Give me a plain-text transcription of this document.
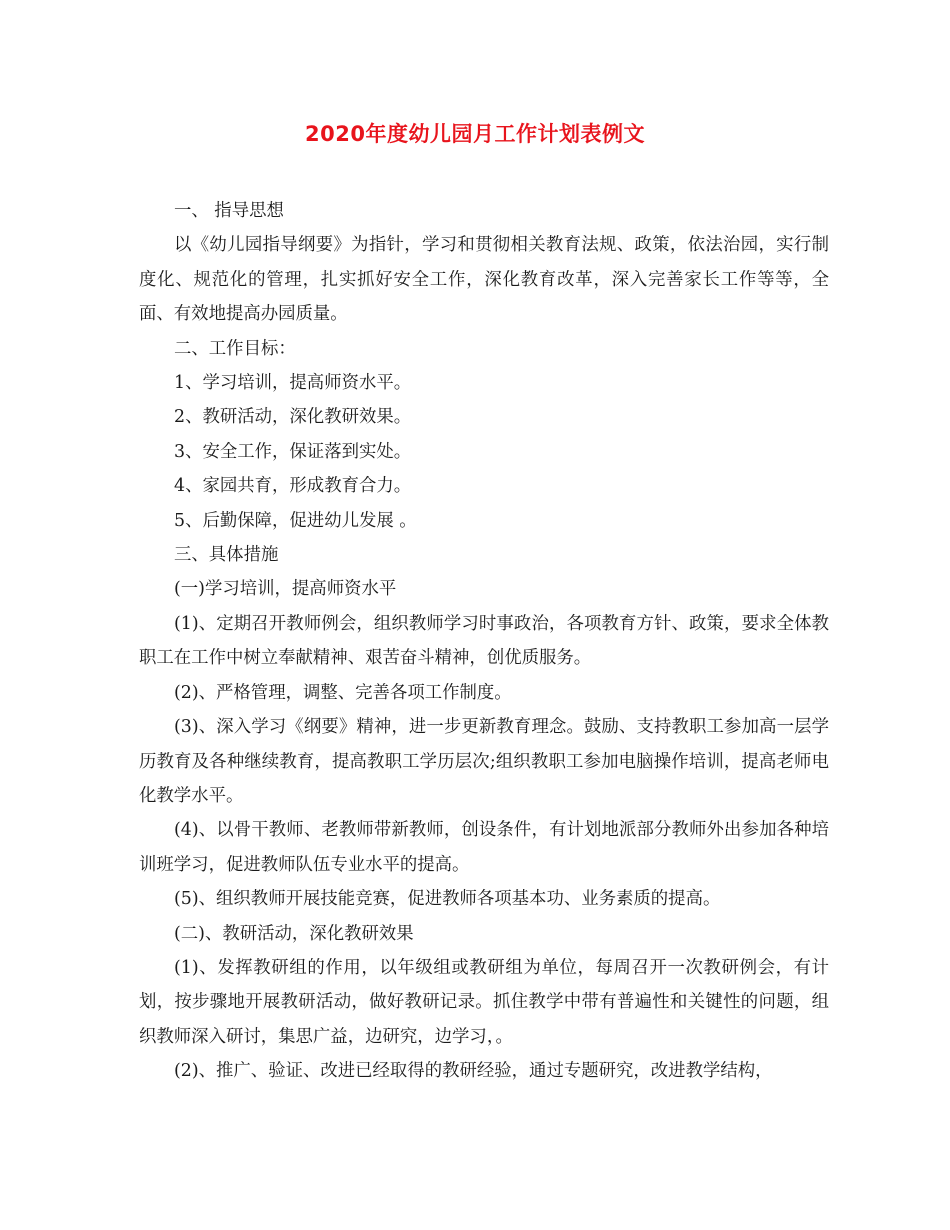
2020年度幼儿园月工作计划表例文

一、 指导思想

以《幼儿园指导纲要》为指针，学习和贯彻相关教育法规、政策，依法治园，实行制度化、规范化的管理，扎实抓好安全工作，深化教育改革，深入完善家长工作等等，全面、有效地提高办园质量。

二、工作目标：

1、学习培训，提高师资水平。

2、教研活动，深化教研效果。

3、安全工作，保证落到实处。

4、家园共育，形成教育合力。

5、后勤保障，促进幼儿发展 。

三、具体措施

(一)学习培训，提高师资水平

(1)、定期召开教师例会，组织教师学习时事政治，各项教育方针、政策，要求全体教职工在工作中树立奉献精神、艰苦奋斗精神，创优质服务。

(2)、严格管理，调整、完善各项工作制度。

(3)、深入学习《纲要》精神，进一步更新教育理念。鼓励、支持教职工参加高一层学历教育及各种继续教育，提高教职工学历层次;组织教职工参加电脑操作培训，提高老师电化教学水平。

(4)、以骨干教师、老教师带新教师，创设条件，有计划地派部分教师外出参加各种培训班学习，促进教师队伍专业水平的提高。

(5)、组织教师开展技能竞赛，促进教师各项基本功、业务素质的提高。

(二)、教研活动，深化教研效果

(1)、发挥教研组的作用，以年级组或教研组为单位，每周召开一次教研例会，有计划，按步骤地开展教研活动，做好教研记录。抓住教学中带有普遍性和关键性的问题，组织教师深入研讨，集思广益，边研究，边学习，。

(2)、推广、验证、改进已经取得的教研经验，通过专题研究，改进教学结构，
